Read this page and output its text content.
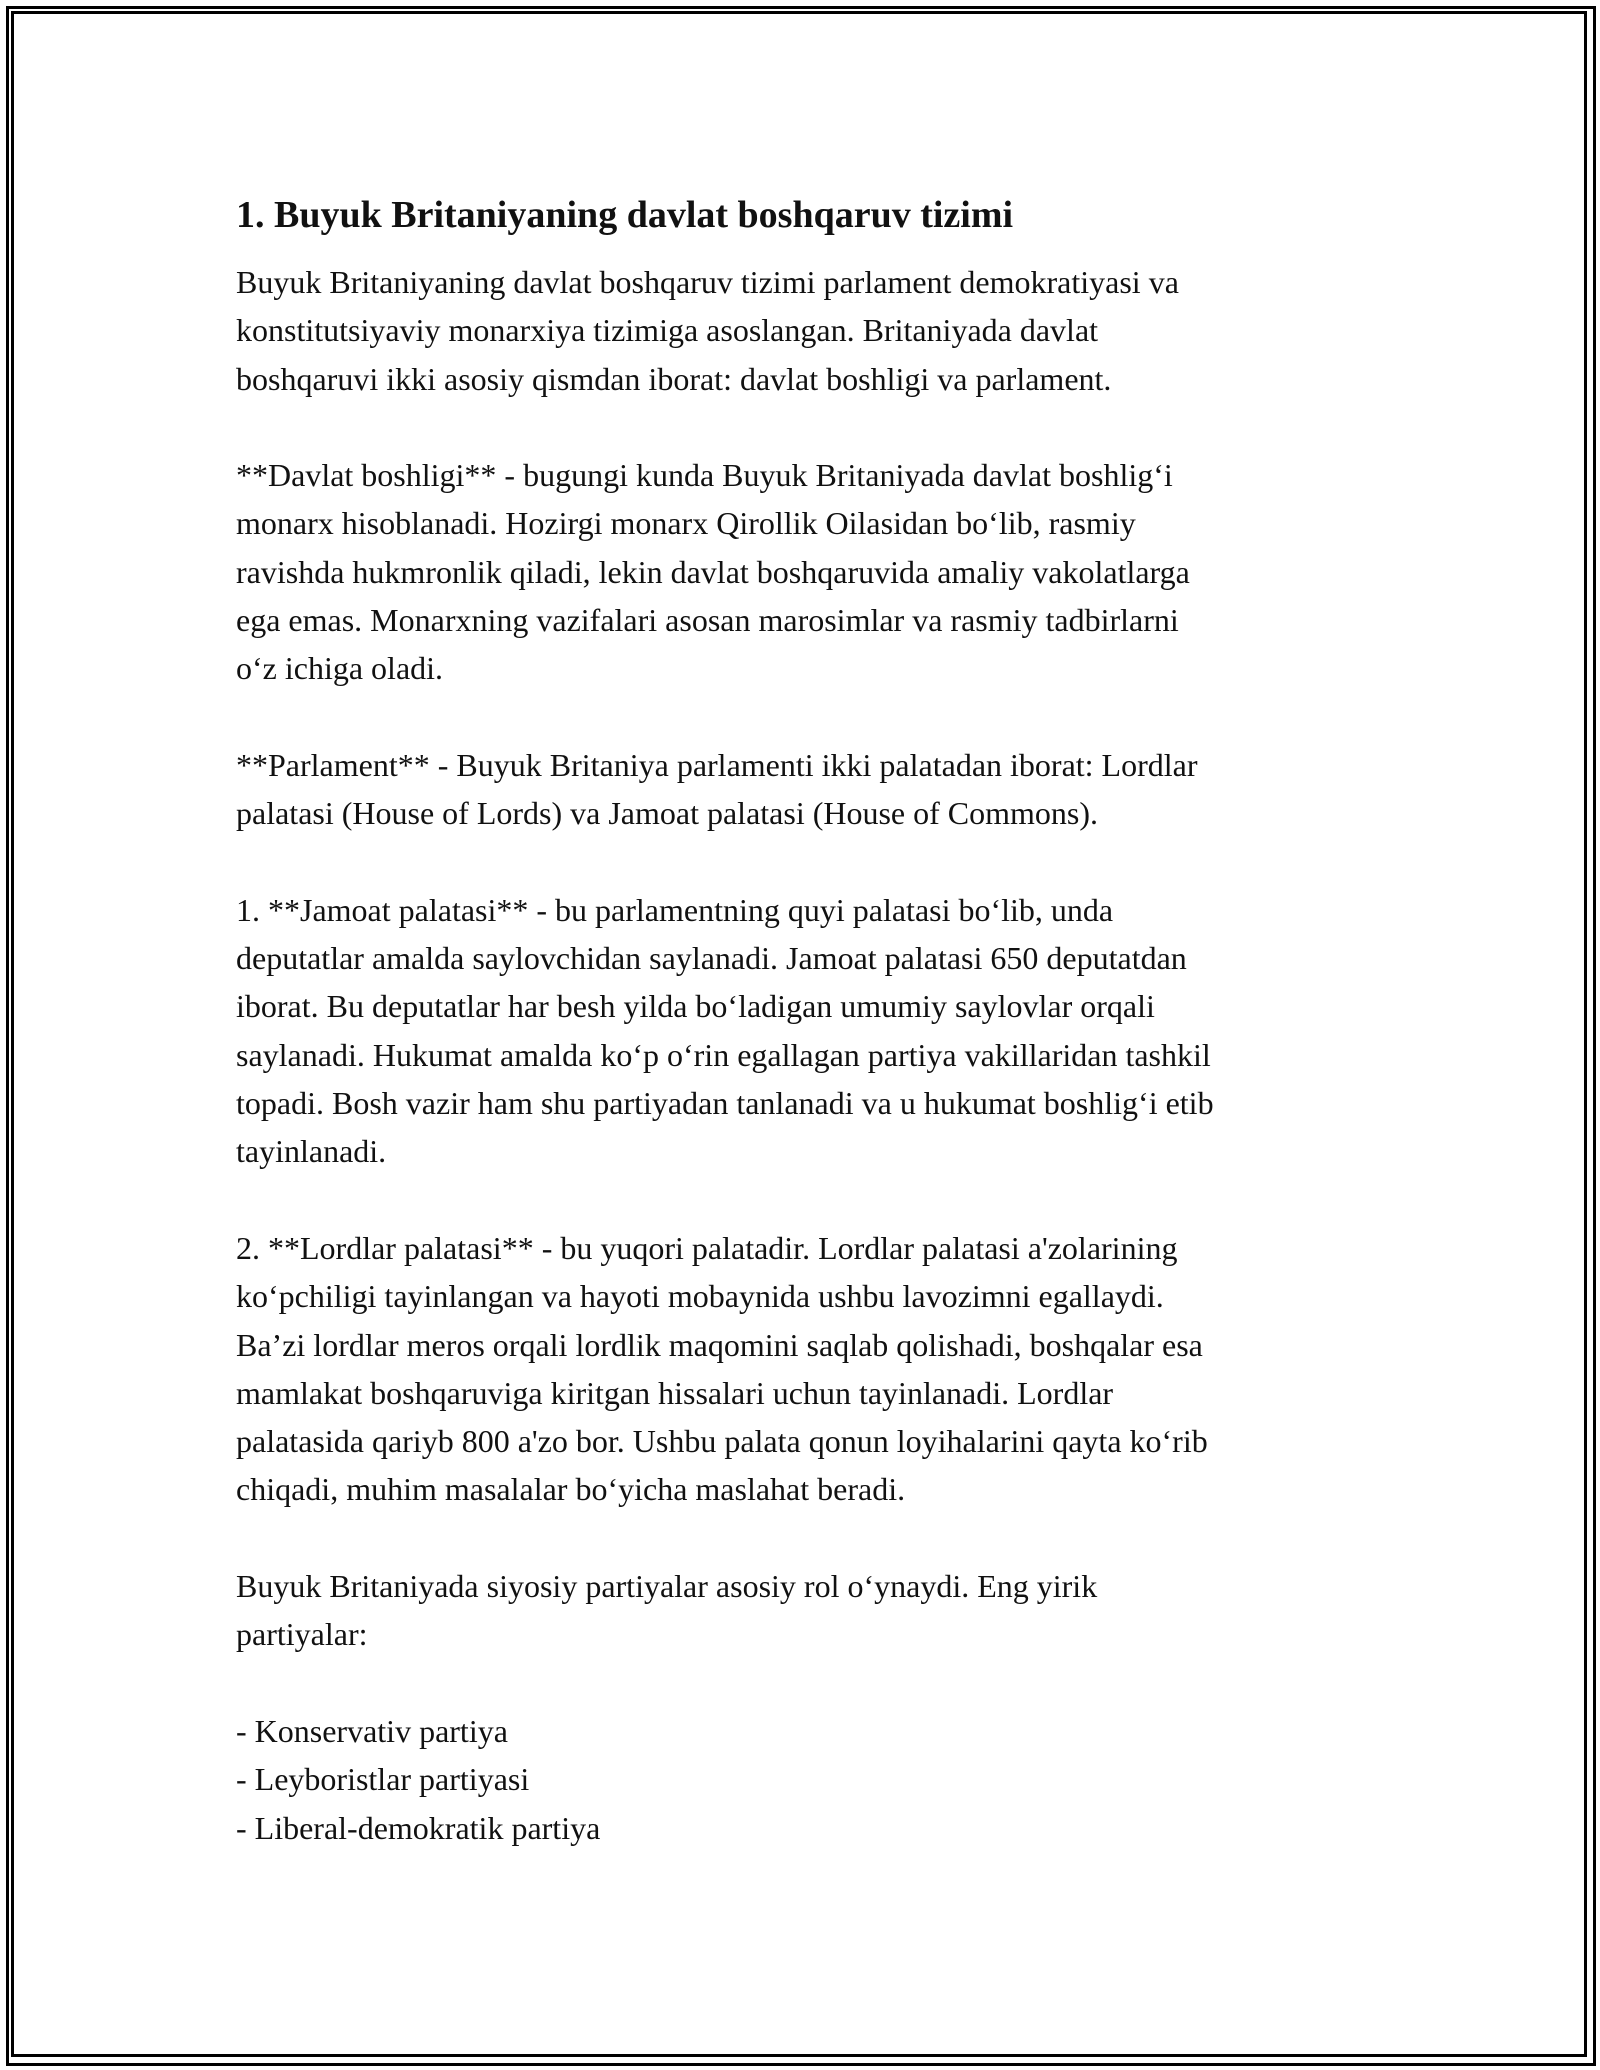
1. Buyuk Britaniyaning davlat boshqaruv tizimi

Buyuk Britaniyaning davlat boshqaruv tizimi parlament demokratiyasi va
konstitutsiyaviy monarxiya tizimiga asoslangan. Britaniyada davlat
boshqaruvi ikki asosiy qismdan iborat: davlat boshligi va parlament.

**Davlat boshligi** - bugungi kunda Buyuk Britaniyada davlat boshlig‘i
monarx hisoblanadi. Hozirgi monarx Qirollik Oilasidan bo‘lib, rasmiy
ravishda hukmronlik qiladi, lekin davlat boshqaruvida amaliy vakolatlarga
ega emas. Monarxning vazifalari asosan marosimlar va rasmiy tadbirlarni
o‘z ichiga oladi.

**Parlament** - Buyuk Britaniya parlamenti ikki palatadan iborat: Lordlar
palatasi (House of Lords) va Jamoat palatasi (House of Commons).

1. **Jamoat palatasi** - bu parlamentning quyi palatasi bo‘lib, unda
deputatlar amalda saylovchidan saylanadi. Jamoat palatasi 650 deputatdan
iborat. Bu deputatlar har besh yilda bo‘ladigan umumiy saylovlar orqali
saylanadi. Hukumat amalda ko‘p o‘rin egallagan partiya vakillaridan tashkil
topadi. Bosh vazir ham shu partiyadan tanlanadi va u hukumat boshlig‘i etib
tayinlanadi.

2. **Lordlar palatasi** - bu yuqori palatadir. Lordlar palatasi a'zolarining
ko‘pchiligi tayinlangan va hayoti mobaynida ushbu lavozimni egallaydi.
Ba’zi lordlar meros orqali lordlik maqomini saqlab qolishadi, boshqalar esa
mamlakat boshqaruviga kiritgan hissalari uchun tayinlanadi. Lordlar
palatasida qariyb 800 a'zo bor. Ushbu palata qonun loyihalarini qayta ko‘rib
chiqadi, muhim masalalar bo‘yicha maslahat beradi.

Buyuk Britaniyada siyosiy partiyalar asosiy rol o‘ynaydi. Eng yirik
partiyalar:

- Konservativ partiya
- Leyboristlar partiyasi
- Liberal-demokratik partiya
